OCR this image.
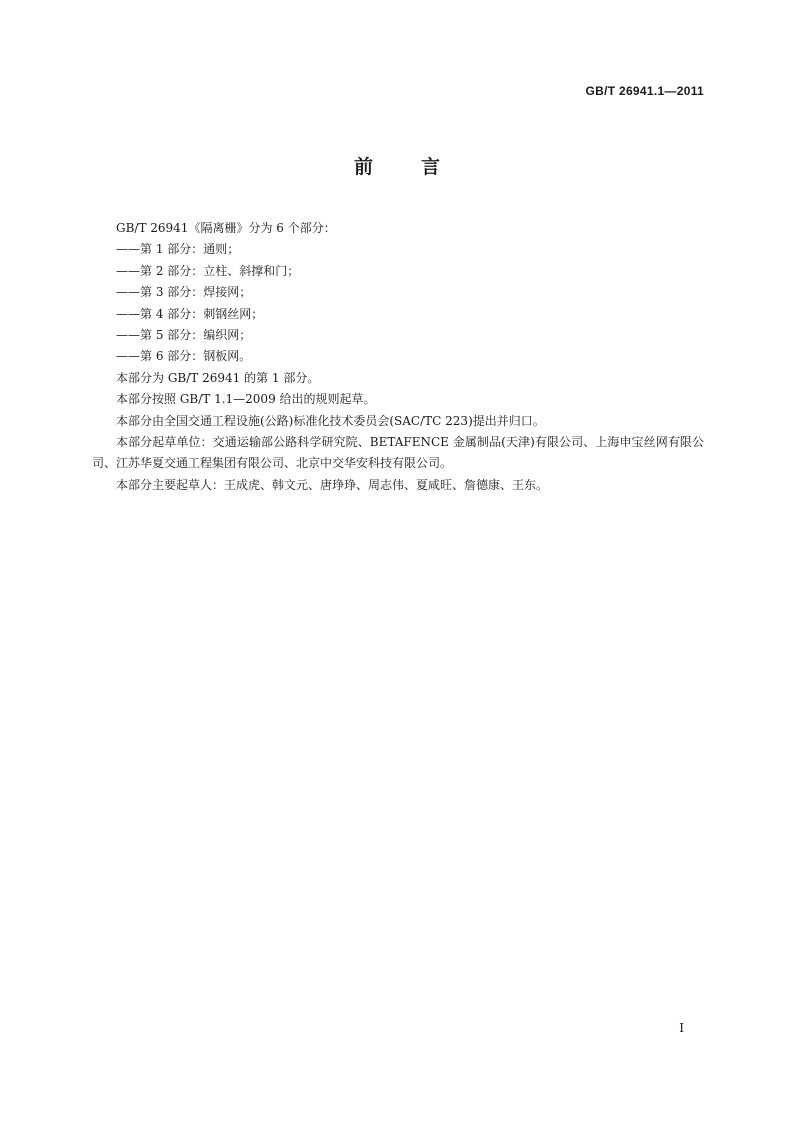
GB/T 26941.1—2011
前言

GB/T 26941《隔离栅》分为 6 个部分：

——第 1 部分：通则；

——第 2 部分：立柱、斜撑和门；

——第 3 部分：焊接网；

——第 4 部分：刺钢丝网；

——第 5 部分：编织网；

——第 6 部分：钢板网。

本部分为 GB/T 26941 的第 1 部分。

本部分按照 GB/T 1.1—2009 给出的规则起草。

本部分由全国交通工程设施(公路)标准化技术委员会(SAC/TC 223)提出并归口。

本部分起草单位：交通运输部公路科学研究院、BETAFENCE 金属制品(天津)有限公司、上海申宝丝网有限公司、江苏华夏交通工程集团有限公司、北京中交华安科技有限公司。

本部分主要起草人：王成虎、韩文元、唐琤琤、周志伟、夏咸旺、詹德康、王东。

I
